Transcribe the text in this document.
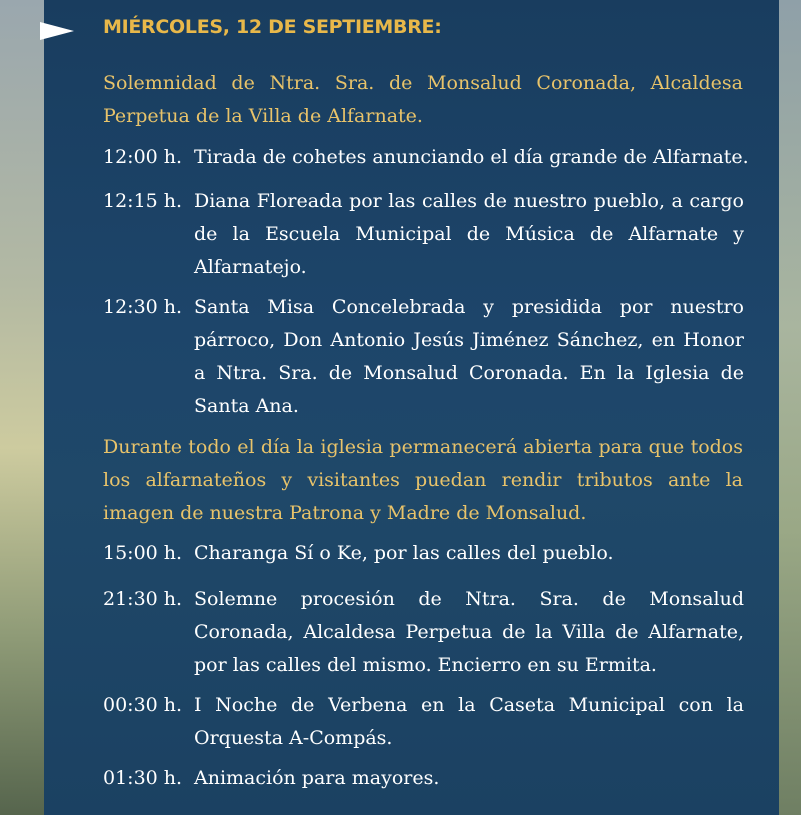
MIÉRCOLES, 12 DE SEPTIEMBRE:
Solemnidad de Ntra. Sra. de Monsalud Coronada, Alcaldesa Perpetua de la Villa de Alfarnate.
12:00 h. Tirada de cohetes anunciando el día grande de Alfarnate.
12:15 h. Diana Floreada por las calles de nuestro pueblo, a cargo de la Escuela Municipal de Música de Alfarnate y Alfarnatejo.
12:30 h. Santa Misa Concelebrada y presidida por nuestro párroco, Don Antonio Jesús Jiménez Sánchez, en Honor a Ntra. Sra. de Monsalud Coronada. En la Iglesia de Santa Ana.
Durante todo el día la iglesia permanecerá abierta para que todos los alfarnateños y visitantes puedan rendir tributos ante la imagen de nuestra Patrona y Madre de Monsalud.
15:00 h. Charanga Sí o Ke, por las calles del pueblo.
21:30 h. Solemne procesión de Ntra. Sra. de Monsalud Coronada, Alcaldesa Perpetua de la Villa de Alfarnate, por las calles del mismo. Encierro en su Ermita.
00:30 h. I Noche de Verbena en la Caseta Municipal con la Orquesta A-Compás.
01:30 h. Animación para mayores.
